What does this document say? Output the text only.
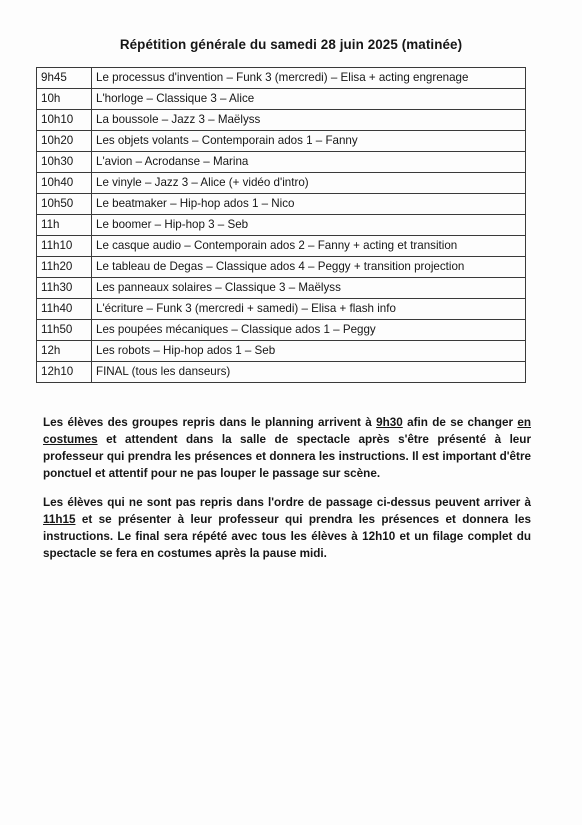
Répétition générale du samedi 28 juin 2025 (matinée)
9h45	Le processus d'invention – Funk 3 (mercredi) – Elisa + acting engrenage
10h	L'horloge – Classique 3 – Alice
10h10	La boussole – Jazz 3 – Maëlyss
10h20	Les objets volants – Contemporain ados 1 – Fanny
10h30	L'avion – Acrodanse – Marina
10h40	Le vinyle – Jazz 3 – Alice (+ vidéo d'intro)
10h50	Le beatmaker – Hip-hop ados 1 – Nico
11h	Le boomer – Hip-hop 3 – Seb
11h10	Le casque audio – Contemporain ados 2 – Fanny + acting et transition
11h20	Le tableau de Degas – Classique ados 4 – Peggy + transition projection
11h30	Les panneaux solaires – Classique 3 – Maëlyss
11h40	L'écriture – Funk 3 (mercredi + samedi) – Elisa + flash info
11h50	Les poupées mécaniques – Classique ados 1 – Peggy
12h	Les robots – Hip-hop ados 1 – Seb
12h10	FINAL (tous les danseurs)

Les élèves des groupes repris dans le planning arrivent à 9h30 afin de se changer en costumes et attendent dans la salle de spectacle après s'être présenté à leur professeur qui prendra les présences et donnera les instructions. Il est important d'être ponctuel et attentif pour ne pas louper le passage sur scène.

Les élèves qui ne sont pas repris dans l'ordre de passage ci-dessus peuvent arriver à 11h15 et se présenter à leur professeur qui prendra les présences et donnera les instructions. Le final sera répété avec tous les élèves à 12h10 et un filage complet du spectacle se fera en costumes après la pause midi.
